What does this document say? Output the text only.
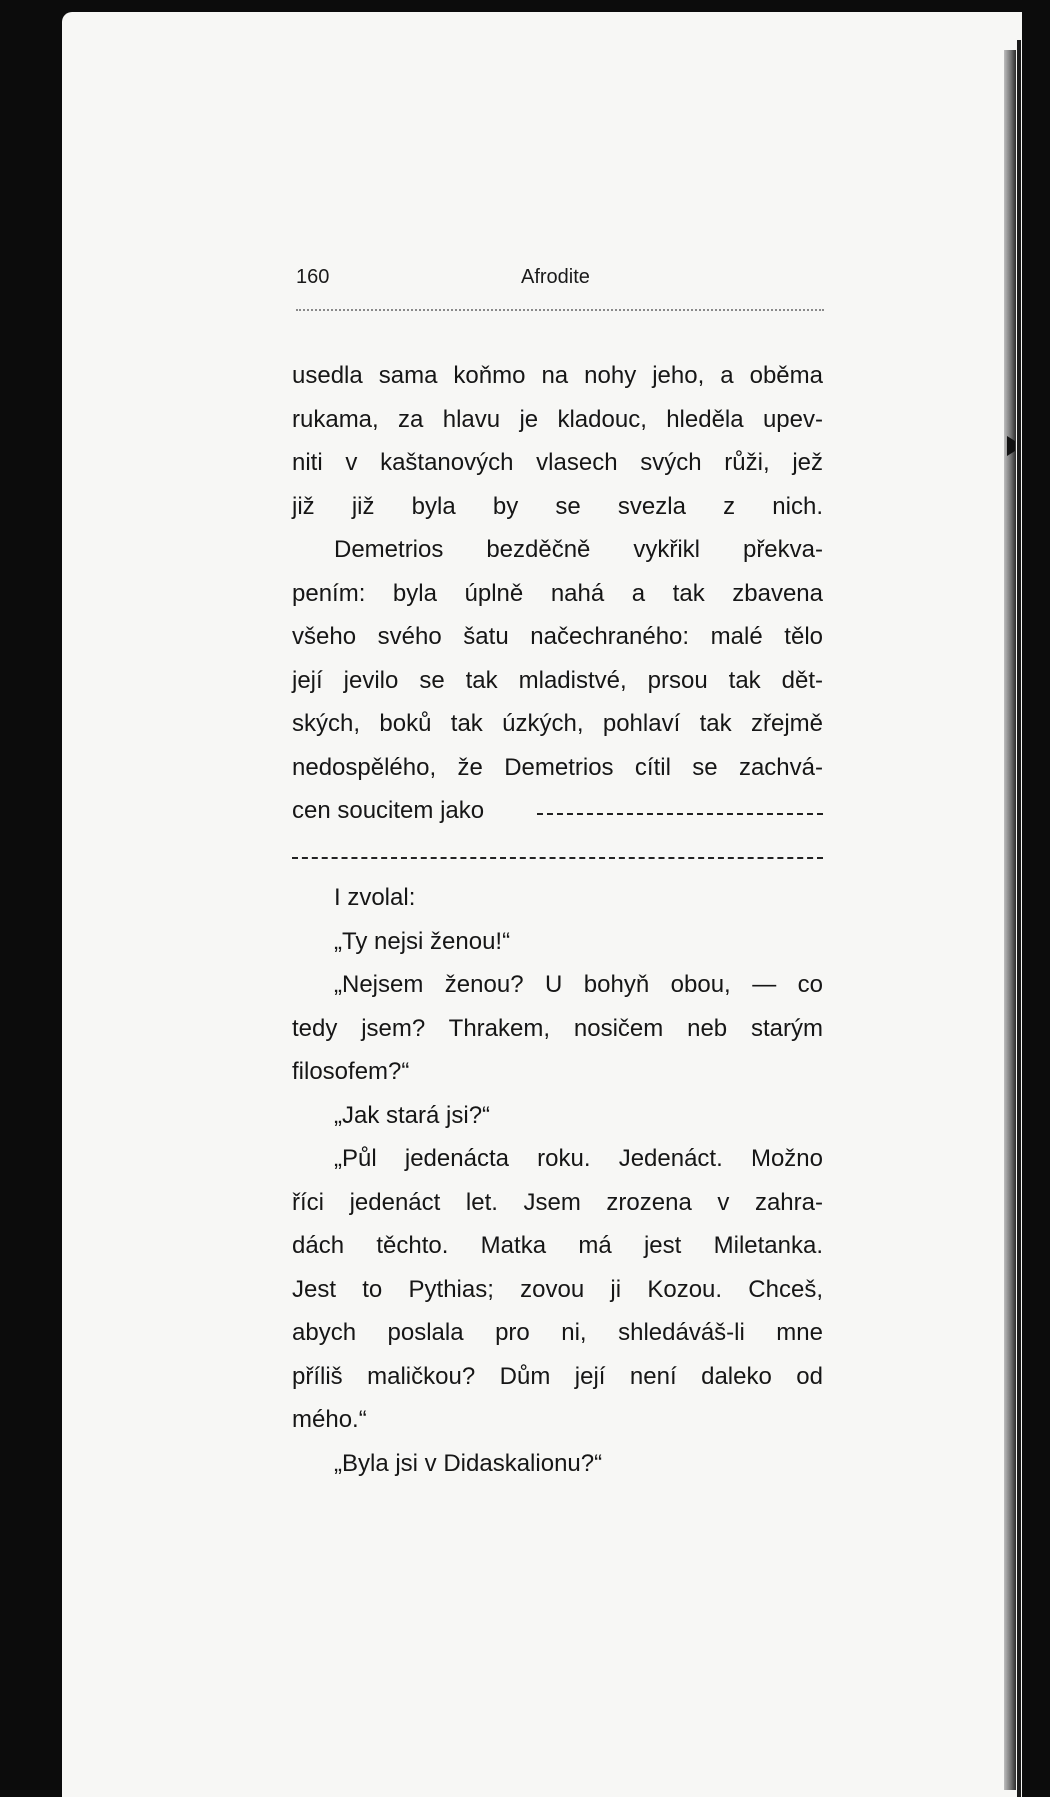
160	Afrodite
usedla sama koňmo na nohy jeho, a oběma
rukama, za hlavu je kladouc, hleděla upev-
niti v kaštanových vlasech svých růži, jež
již již byla by se svezla z nich.
Demetrios bezděčně vykřikl překva-
pením: byla úplně nahá a tak zbavena
všeho svého šatu načechraného: malé tělo
její jevilo se tak mladistvé, prsou tak dět-
ských, boků tak úzkých, pohlaví tak zřejmě
nedospělého, že Demetrios cítil se zachvá-
cen soucitem jako
I zvolal:
„Ty nejsi ženou!“
„Nejsem ženou? U bohyň obou, — co
tedy jsem? Thrakem, nosičem neb starým
filosofem?“
„Jak stará jsi?“
„Půl jedenácta roku. Jedenáct. Možno
říci jedenáct let. Jsem zrozena v zahra-
dách těchto. Matka má jest Miletanka.
Jest to Pythias; zovou ji Kozou. Chceš,
abych poslala pro ni, shledáváš-li mne
příliš maličkou? Dům její není daleko od
mého.“
„Byla jsi v Didaskalionu?“
